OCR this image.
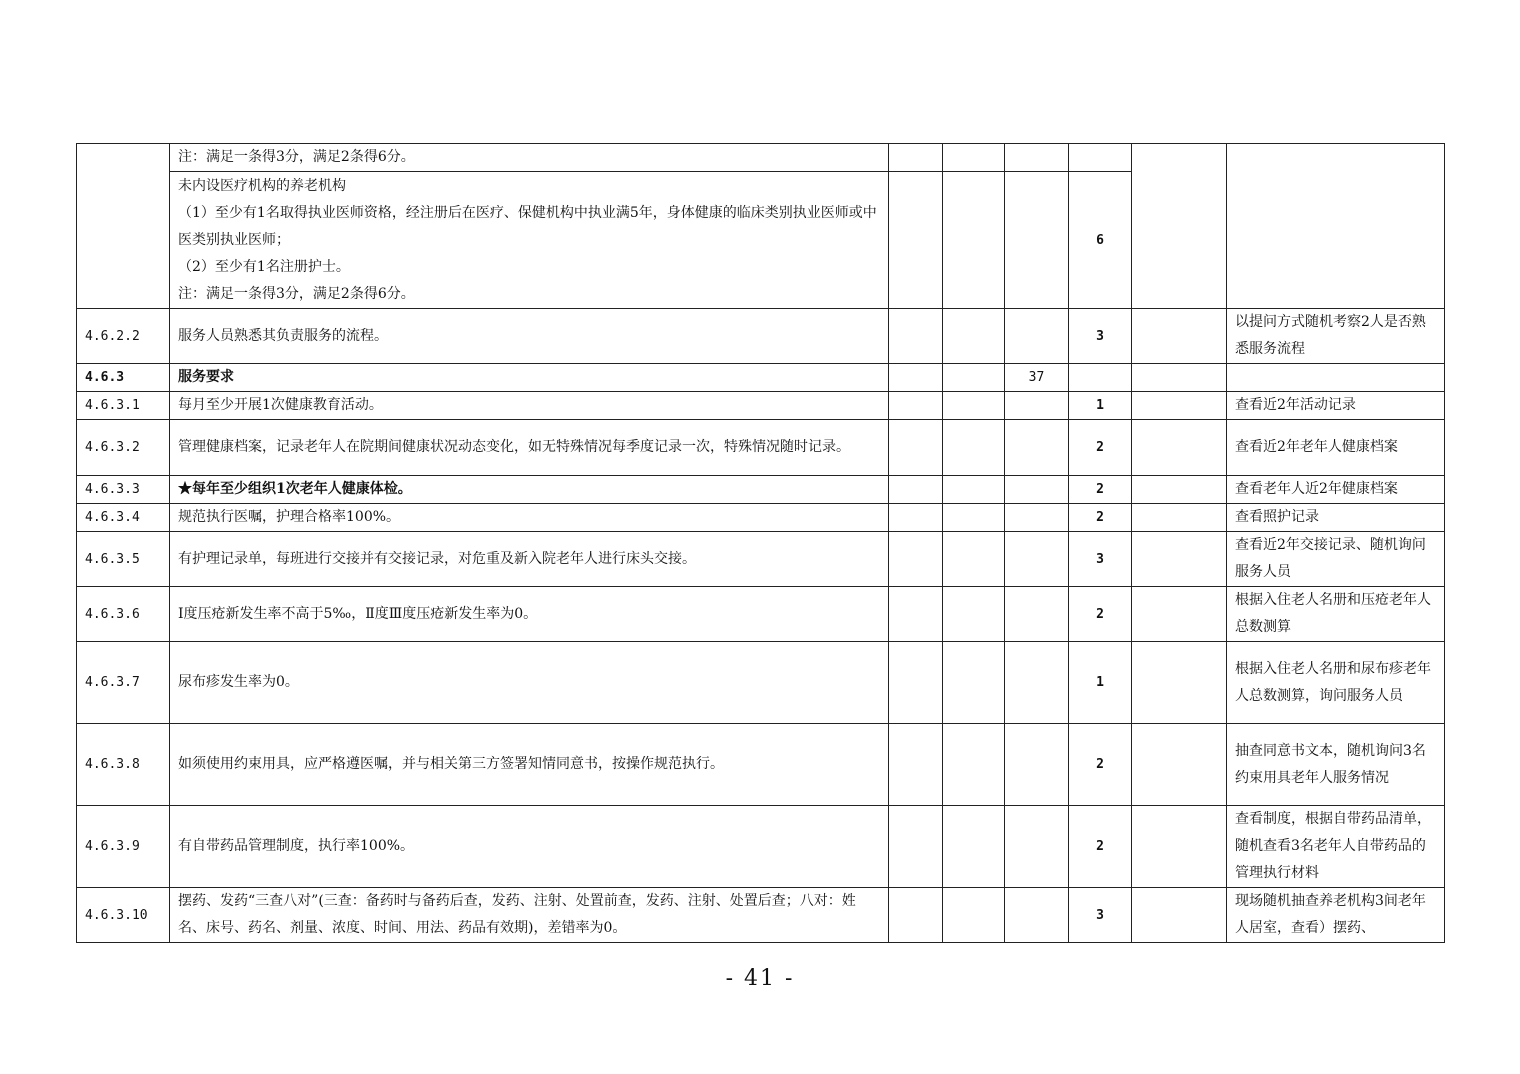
	注：满足一条得3分，满足2条得6分。						

	未内设医疗机构的养老机构
（1）至少有1名取得执业医师资格，经注册后在医疗、保健机构中执业满5年，身体健康的临床类别执业医师或中医类别执业医师；
（2）至少有1名注册护士。
注：满足一条得3分，满足2条得6分。				6		
4.6.2.2	服务人员熟悉其负责服务的流程。				3		以提问方式随机考察2人是否熟悉服务流程
4.6.3	服务要求			37			
4.6.3.1	每月至少开展1次健康教育活动。				1		查看近2年活动记录
4.6.3.2	管理健康档案，记录老年人在院期间健康状况动态变化，如无特殊情况每季度记录一次，特殊情况随时记录。				2		查看近2年老年人健康档案
4.6.3.3	★每年至少组织1次老年人健康体检。				2		查看老年人近2年健康档案
4.6.3.4	规范执行医嘱，护理合格率100%。				2		查看照护记录
4.6.3.5	有护理记录单，每班进行交接并有交接记录，对危重及新入院老年人进行床头交接。				3		查看近2年交接记录、随机询问服务人员
4.6.3.6	Ⅰ度压疮新发生率不高于5‰，Ⅱ度Ⅲ度压疮新发生率为0。				2		根据入住老人名册和压疮老年人总数测算
4.6.3.7	尿布疹发生率为0。				1		根据入住老人名册和尿布疹老年人总数测算，询问服务人员
4.6.3.8	如须使用约束用具，应严格遵医嘱，并与相关第三方签署知情同意书，按操作规范执行。				2		抽查同意书文本，随机询问3名约束用具老年人服务情况
4.6.3.9	有自带药品管理制度，执行率100%。				2		查看制度，根据自带药品清单，随机查看3名老年人自带药品的管理执行材料
4.6.3.10	摆药、发药“三查八对”(三查：备药时与备药后查，发药、注射、处置前查，发药、注射、处置后查；八对：姓名、床号、药名、剂量、浓度、时间、用法、药品有效期)，差错率为0。				3		现场随机抽查养老机构3间老年人居室，查看）摆药、
- 41 -
